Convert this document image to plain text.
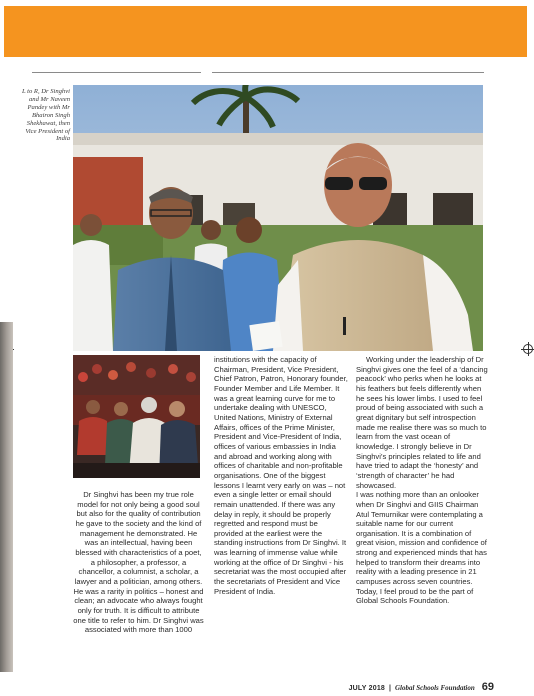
L to R, Dr Singhvi and Mr Naveen Pandey with Mr Bhairon Singh Shekhawat, then Vice President of India

Dr Singhvi has been my true role model for not only being a good soul but also for the quality of contribution he gave to the society and the kind of management he demonstrated. He was an intellectual, having been blessed with characteristics of a poet, a philosopher, a professor, a chancellor, a columnist, a scholar, a lawyer and a politician, among others. He was a rarity in politics – honest and clean; an advocate who always fought only for truth. It is difficult to attribute one title to refer to him. Dr Singhvi was associated with more than 1000

institutions with the capacity of Chairman, President, Vice President, Chief Patron, Patron, Honorary founder, Founder Member and Life Member. It was a great learning curve for me to undertake dealing with UNESCO, United Nations, Ministry of External Affairs, offices of the Prime Minister, President and Vice-President of India, offices of various embassies in India and abroad and working along with offices of charitable and non-profitable organisations. One of the biggest lessons I learnt very early on was – not even a single letter or email should remain unattended. If there was any delay in reply, it should be properly regretted and respond must be provided at the earliest were the standing instructions from Dr Singhvi. It was learning of immense value while working at the office of Dr Singhvi - his secretariat was the most occupied after the secretariats of President and Vice President of India.

Working under the leadership of Dr Singhvi gives one the feel of a ‘dancing peacock’ who perks when he looks at his feathers but feels differently when he sees his lower limbs. I used to feel proud of being associated with such a great dignitary but self introspection made me realise there was so much to learn from the vast ocean of knowledge. I strongly believe in Dr Singhvi’s principles related to life and have tried to adapt the ‘honesty’ and ‘strength of character’ he had showcased.

I was nothing more than an onlooker when Dr Singhvi and GIIS Chairman Atul Temurnikar were contemplating a suitable name for our current organisation. It is a combination of great vision, mission and confidence of strong and experienced minds that has helped to transform their dreams into reality with a leading presence in 21 campuses across seven countries. Today, I feel proud to be the part of Global Schools Foundation.

JULY 2018 | Global Schools Foundation 69
